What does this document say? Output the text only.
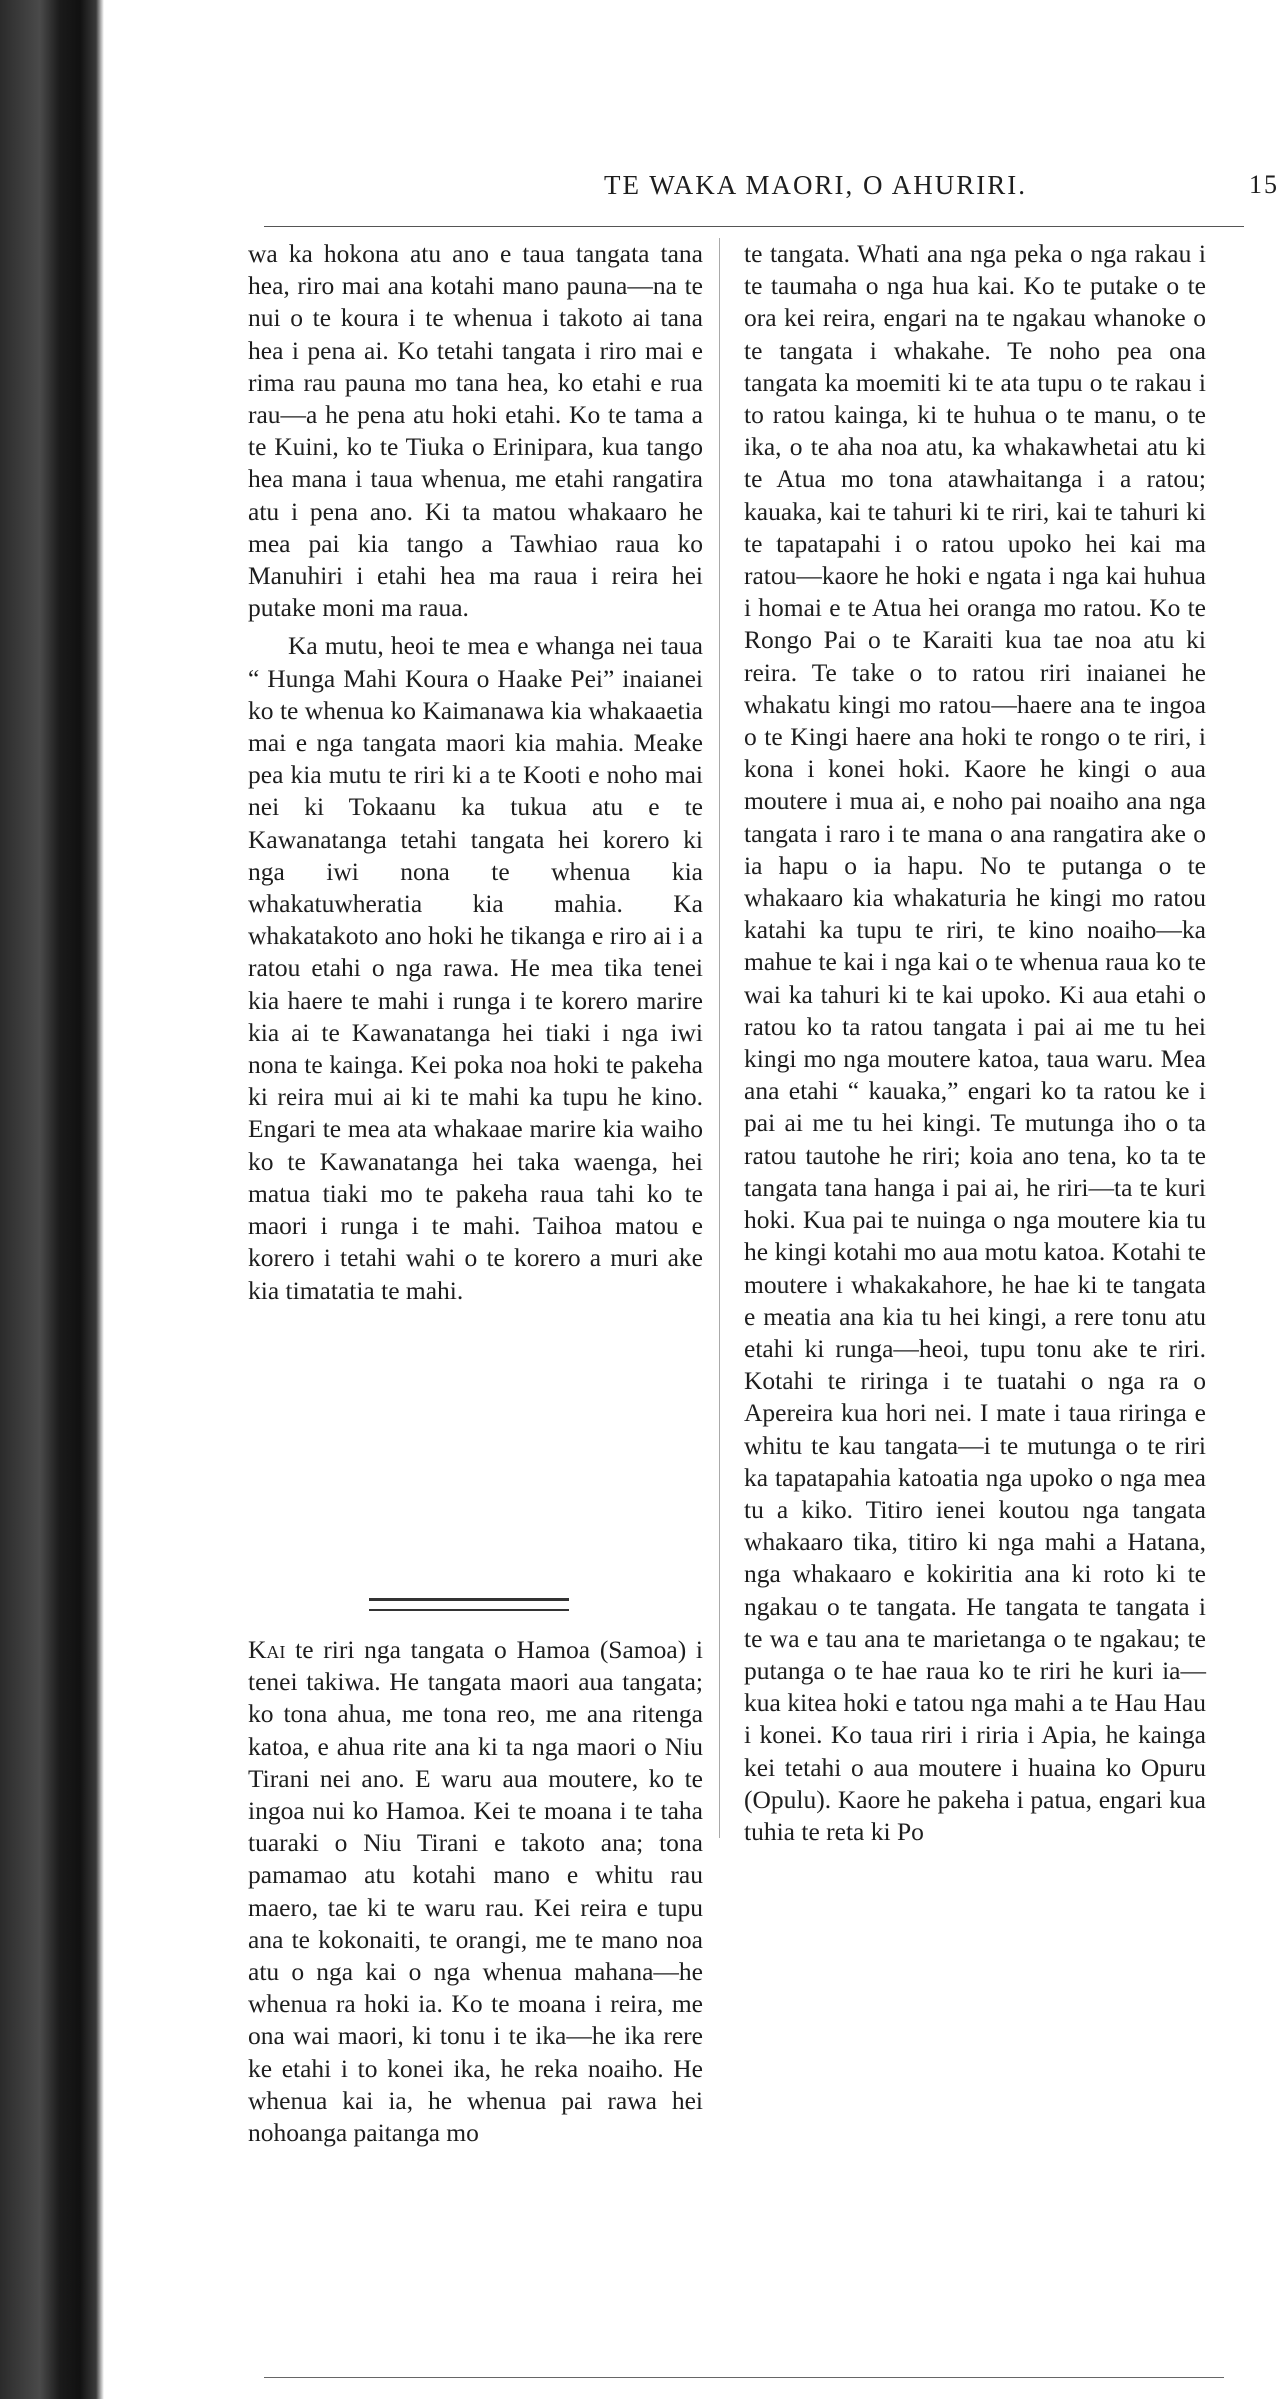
TE WAKA MAORI, O AHURIRI.	15

wa ka hokona atu ano e taua tangata tana hea, riro mai ana kotahi mano pauna—na te nui o te koura i te whenua i takoto ai tana hea i pena ai. Ko tetahi tangata i riro mai e rima rau pauna mo tana hea, ko etahi e rua rau—a he pena atu hoki etahi. Ko te tama a te Kuini, ko te Tiuka o Erinipara, kua tango hea mana i taua whenua, me etahi rangatira atu i pena ano. Ki ta matou whakaaro he mea pai kia tango a Tawhiao raua ko Manuhiri i etahi hea ma raua i reira hei putake moni ma raua.

Ka mutu, heoi te mea e whanga nei taua “ Hunga Mahi Koura o Haake Pei” inaianei ko te whenua ko Kaimanawa kia whakaaetia mai e nga tangata maori kia mahia. Meake pea kia mutu te riri ki a te Kooti e noho mai nei ki Tokaanu ka tukua atu e te Kawanatanga tetahi tangata hei korero ki nga iwi nona te whenua kia whakatuwheratia kia mahia. Ka whakatakoto ano hoki he tikanga e riro ai i a ratou etahi o nga rawa. He mea tika tenei kia haere te mahi i runga i te korero marire kia ai te Kawanatanga hei tiaki i nga iwi nona te kainga. Kei poka noa hoki te pakeha ki reira mui ai ki te mahi ka tupu he kino. Engari te mea ata whakaae marire kia waiho ko te Kawanatanga hei taka waenga, hei matua tiaki mo te pakeha raua tahi ko te maori i runga i te mahi. Taihoa matou e korero i tetahi wahi o te korero a muri ake kia timatatia te mahi.

Kai te riri nga tangata o Hamoa (Samoa) i tenei takiwa. He tangata maori aua tangata; ko tona ahua, me tona reo, me ana ritenga katoa, e ahua rite ana ki ta nga maori o Niu Tirani nei ano. E waru aua moutere, ko te ingoa nui ko Hamoa. Kei te moana i te taha tuaraki o Niu Tirani e takoto ana; tona pamamao atu kotahi mano e whitu rau maero, tae ki te waru rau. Kei reira e tupu ana te kokonaiti, te orangi, me te mano noa atu o nga kai o nga whenua mahana—he whenua ra hoki ia. Ko te moana i reira, me ona wai maori, ki tonu i te ika—he ika rere ke etahi i to konei ika, he reka noaiho. He whenua kai ia, he whenua pai rawa hei nohoanga paitanga mo

te tangata. Whati ana nga peka o nga rakau i te taumaha o nga hua kai. Ko te putake o te ora kei reira, engari na te ngakau whanoke o te tangata i whakahe. Te noho pea ona tangata ka moemiti ki te ata tupu o te rakau i to ratou kainga, ki te huhua o te manu, o te ika, o te aha noa atu, ka whakawhetai atu ki te Atua mo tona atawhaitanga i a ratou; kauaka, kai te tahuri ki te riri, kai te tahuri ki te tapatapahi i o ratou upoko hei kai ma ratou—kaore he hoki e ngata i nga kai huhua i homai e te Atua hei oranga mo ratou. Ko te Rongo Pai o te Karaiti kua tae noa atu ki reira. Te take o to ratou riri inaianei he whakatu kingi mo ratou—haere ana te ingoa o te Kingi haere ana hoki te rongo o te riri, i kona i konei hoki. Kaore he kingi o aua moutere i mua ai, e noho pai noaiho ana nga tangata i raro i te mana o ana rangatira ake o ia hapu o ia hapu. No te putanga o te whakaaro kia whakaturia he kingi mo ratou katahi ka tupu te riri, te kino noaiho—ka mahue te kai i nga kai o te whenua raua ko te wai ka tahuri ki te kai upoko. Ki aua etahi o ratou ko ta ratou tangata i pai ai me tu hei kingi mo nga moutere katoa, taua waru. Mea ana etahi “ kauaka,” engari ko ta ratou ke i pai ai me tu hei kingi. Te mutunga iho o ta ratou tautohe he riri; koia ano tena, ko ta te tangata tana hanga i pai ai, he riri—ta te kuri hoki. Kua pai te nuinga o nga moutere kia tu he kingi kotahi mo aua motu katoa. Kotahi te moutere i whakakahore, he hae ki te tangata e meatia ana kia tu hei kingi, a rere tonu atu etahi ki runga—heoi, tupu tonu ake te riri. Kotahi te riringa i te tuatahi o nga ra o Apereira kua hori nei. I mate i taua riringa e whitu te kau tangata—i te mutunga o te riri ka tapatapahia katoatia nga upoko o nga mea tu a kiko. Titiro ienei koutou nga tangata whakaaro tika, titiro ki nga mahi a Hatana, nga whakaaro e kokiritia ana ki roto ki te ngakau o te tangata. He tangata te tangata i te wa e tau ana te marietanga o te ngakau; te putanga o te hae raua ko te riri he kuri ia—kua kitea hoki e tatou nga mahi a te Hau Hau i konei. Ko taua riri i riria i Apia, he kainga kei tetahi o aua moutere i huaina ko Opuru (Opulu). Kaore he pakeha i patua, engari kua tuhia te reta ki Po
